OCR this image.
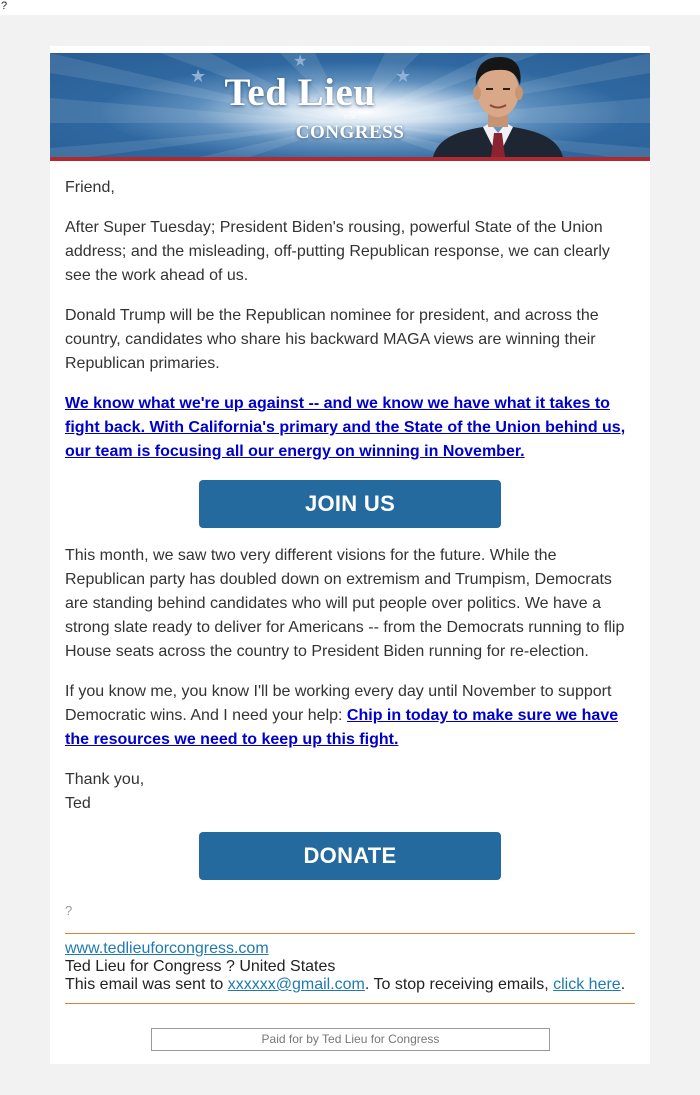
?
★
★
★
Ted Lieu
FOR
CONGRESS

Friend,

After Super Tuesday; President Biden's rousing, powerful State of the Union address; and the misleading, off-putting Republican response, we can clearly see the work ahead of us.

Donald Trump will be the Republican nominee for president, and across the country, candidates who share his backward MAGA views are winning their Republican primaries.

We know what we're up against -- and we know we have what it takes to fight back. With California's primary and the State of the Union behind us, our team is focusing all our energy on winning in November.

JOIN US

This month, we saw two very different visions for the future. While the Republican party has doubled down on extremism and Trumpism, Democrats are standing behind candidates who will put people over politics. We have a strong slate ready to deliver for Americans -- from the Democrats running to flip House seats across the country to President Biden running for re-election.

If you know me, you know I'll be working every day until November to support Democratic wins. And I need your help: Chip in today to make sure we have the resources we need to keep up this fight.

Thank you,

Ted

DONATE
?
www.tedlieuforcongress.com
Ted Lieu for Congress ? United States
This email was sent to xxxxxx@gmail.com. To stop receiving emails, click here.
Paid for by Ted Lieu for Congress
